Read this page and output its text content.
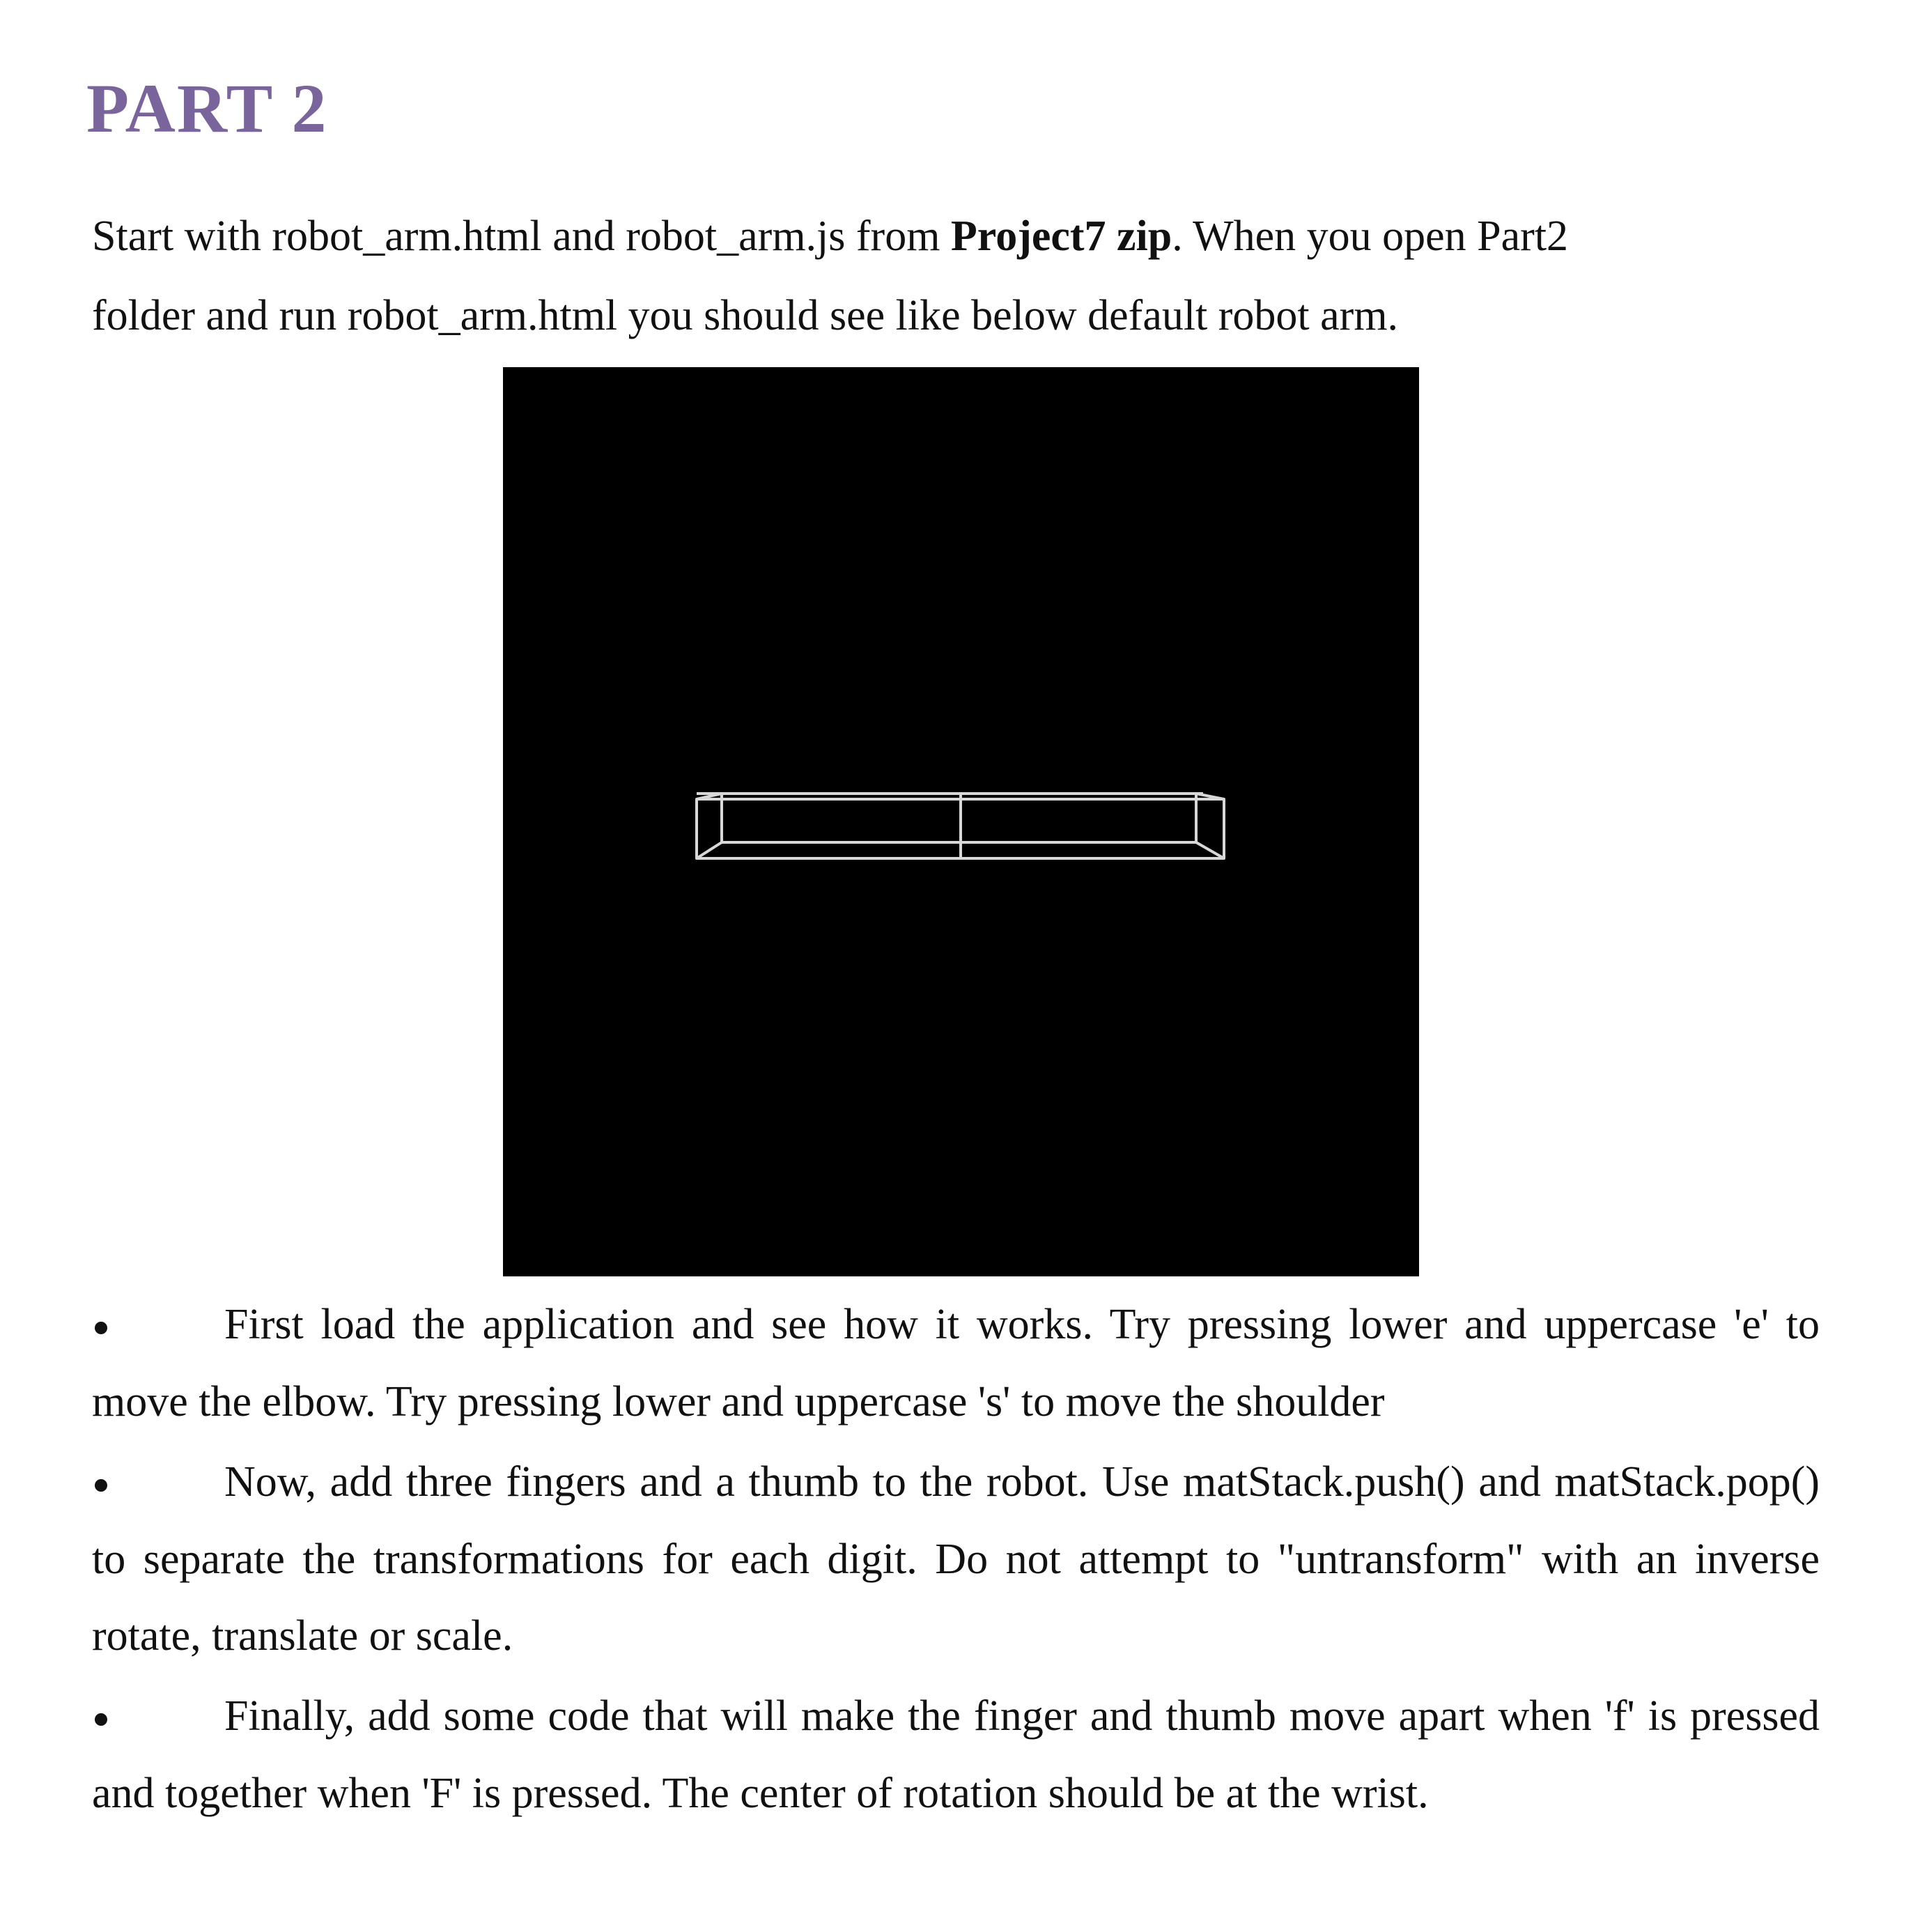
PART 2

Start with robot_arm.html and robot_arm.js from Project7 zip. When you open Part2
folder and run robot_arm.html you should see like below default robot arm.

First load the application and see how it works. Try pressing lower and uppercase 'e' to move the elbow. Try pressing lower and uppercase 's' to move the shoulder
Now, add three fingers and a thumb to the robot. Use matStack.push() and matStack.pop() to separate the transformations for each digit. Do not attempt to "untransform" with an inverse rotate, translate or scale.
Finally, add some code that will make the finger and thumb move apart when 'f' is pressed and together when 'F' is pressed. The center of rotation should be at the wrist.
